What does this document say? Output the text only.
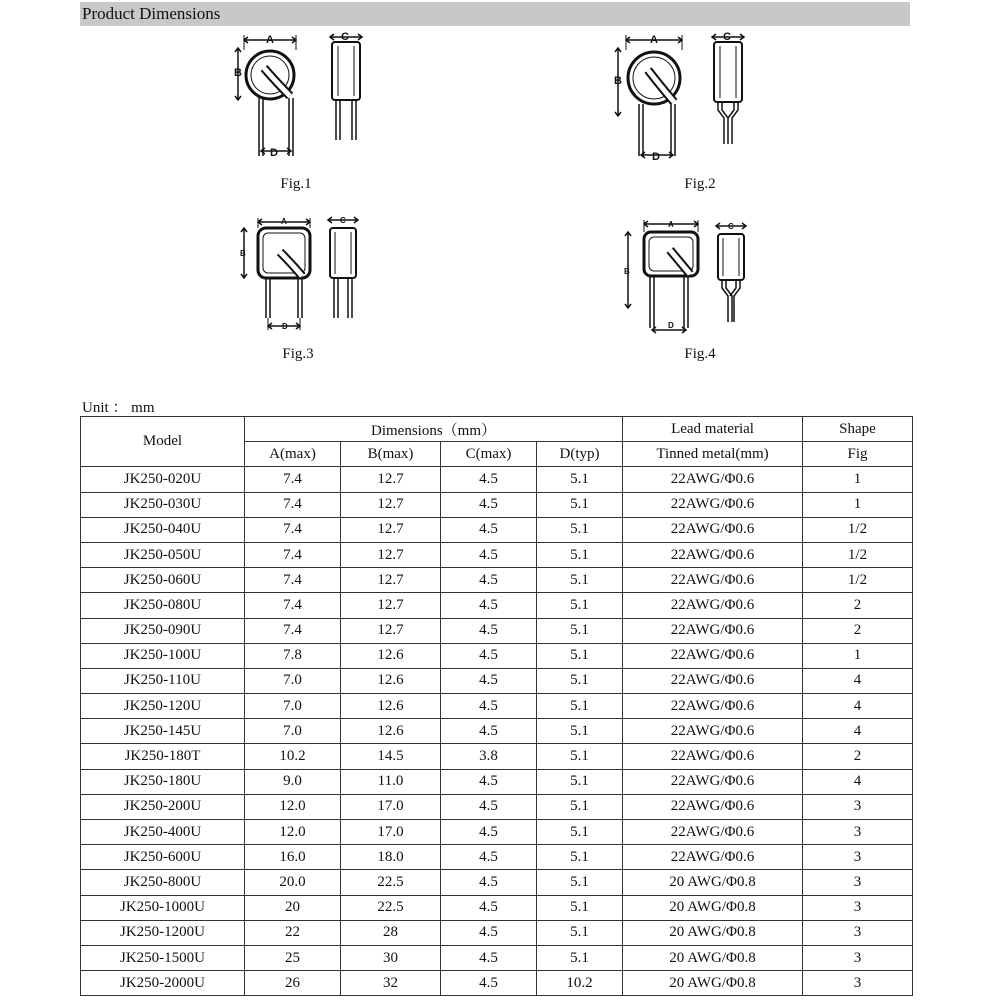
Product Dimensions
A
B
D
C
Fig.1
A
B
D
C
Fig.2
A
B
D
C
Fig.3
A
B
D
C
Fig.4
Unit ： mm
Model	Dimensions（mm）				Lead material	Shape
	A(max)	B(max)	C(max)	D(typ)	Tinned metal(mm)	Fig
JK250-020U	7.4	12.7	4.5	5.1	22AWG/Φ0.6	1
JK250-030U	7.4	12.7	4.5	5.1	22AWG/Φ0.6	1
JK250-040U	7.4	12.7	4.5	5.1	22AWG/Φ0.6	1/2
JK250-050U	7.4	12.7	4.5	5.1	22AWG/Φ0.6	1/2
JK250-060U	7.4	12.7	4.5	5.1	22AWG/Φ0.6	1/2
JK250-080U	7.4	12.7	4.5	5.1	22AWG/Φ0.6	2
JK250-090U	7.4	12.7	4.5	5.1	22AWG/Φ0.6	2
JK250-100U	7.8	12.6	4.5	5.1	22AWG/Φ0.6	1
JK250-110U	7.0	12.6	4.5	5.1	22AWG/Φ0.6	4
JK250-120U	7.0	12.6	4.5	5.1	22AWG/Φ0.6	4
JK250-145U	7.0	12.6	4.5	5.1	22AWG/Φ0.6	4
JK250-180T	10.2	14.5	3.8	5.1	22AWG/Φ0.6	2
JK250-180U	9.0	11.0	4.5	5.1	22AWG/Φ0.6	4
JK250-200U	12.0	17.0	4.5	5.1	22AWG/Φ0.6	3
JK250-400U	12.0	17.0	4.5	5.1	22AWG/Φ0.6	3
JK250-600U	16.0	18.0	4.5	5.1	22AWG/Φ0.6	3
JK250-800U	20.0	22.5	4.5	5.1	20 AWG/Φ0.8	3
JK250-1000U	20	22.5	4.5	5.1	20 AWG/Φ0.8	3
JK250-1200U	22	28	4.5	5.1	20 AWG/Φ0.8	3
JK250-1500U	25	30	4.5	5.1	20 AWG/Φ0.8	3
JK250-2000U	26	32	4.5	10.2	20 AWG/Φ0.8	3
